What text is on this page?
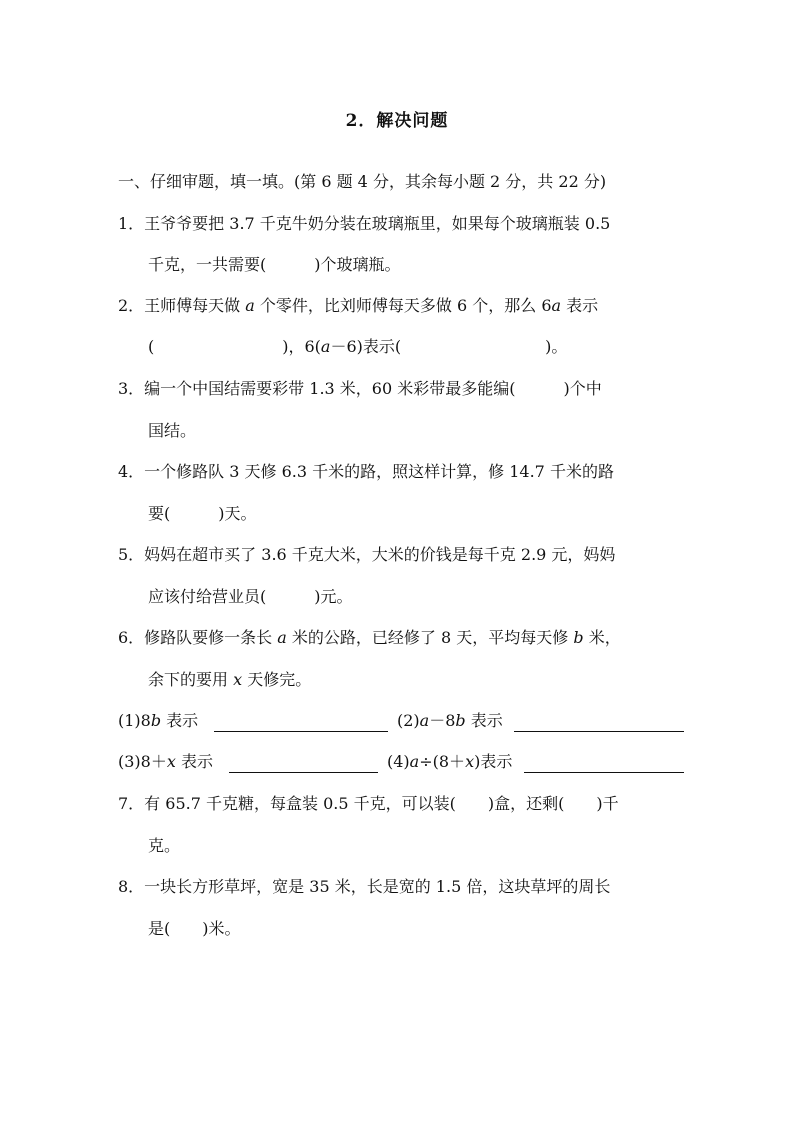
2．解决问题
一、仔细审题，填一填。(第 6 题 4 分，其余每小题 2 分，共 22 分)
1．王爷爷要把 3.7 千克牛奶分装在玻璃瓶里，如果每个玻璃瓶装 0.5
千克，一共需要(　　　)个玻璃瓶。
2．王师傅每天做 a 个零件，比刘师傅每天多做 6 个，那么 6a 表示
(　　　　　　　　)，6(a－6)表示(　　　　　　　　　)。
3．编一个中国结需要彩带 1.3 米，60 米彩带最多能编(　　　)个中
国结。
4．一个修路队 3 天修 6.3 千米的路，照这样计算，修 14.7 千米的路
要(　　　)天。
5．妈妈在超市买了 3.6 千克大米，大米的价钱是每千克 2.9 元，妈妈
应该付给营业员(　　　)元。
6．修路队要修一条长 a 米的公路，已经修了 8 天，平均每天修 b 米，
余下的要用 x 天修完。
(1)8b 表示	(2)a－8b 表示
(3)8＋x 表示	(4)a÷(8＋x)表示
7．有 65.7 千克糖，每盒装 0.5 千克，可以装(　　)盒，还剩(　　)千
克。
8．一块长方形草坪，宽是 35 米，长是宽的 1.5 倍，这块草坪的周长
是(　　)米。
